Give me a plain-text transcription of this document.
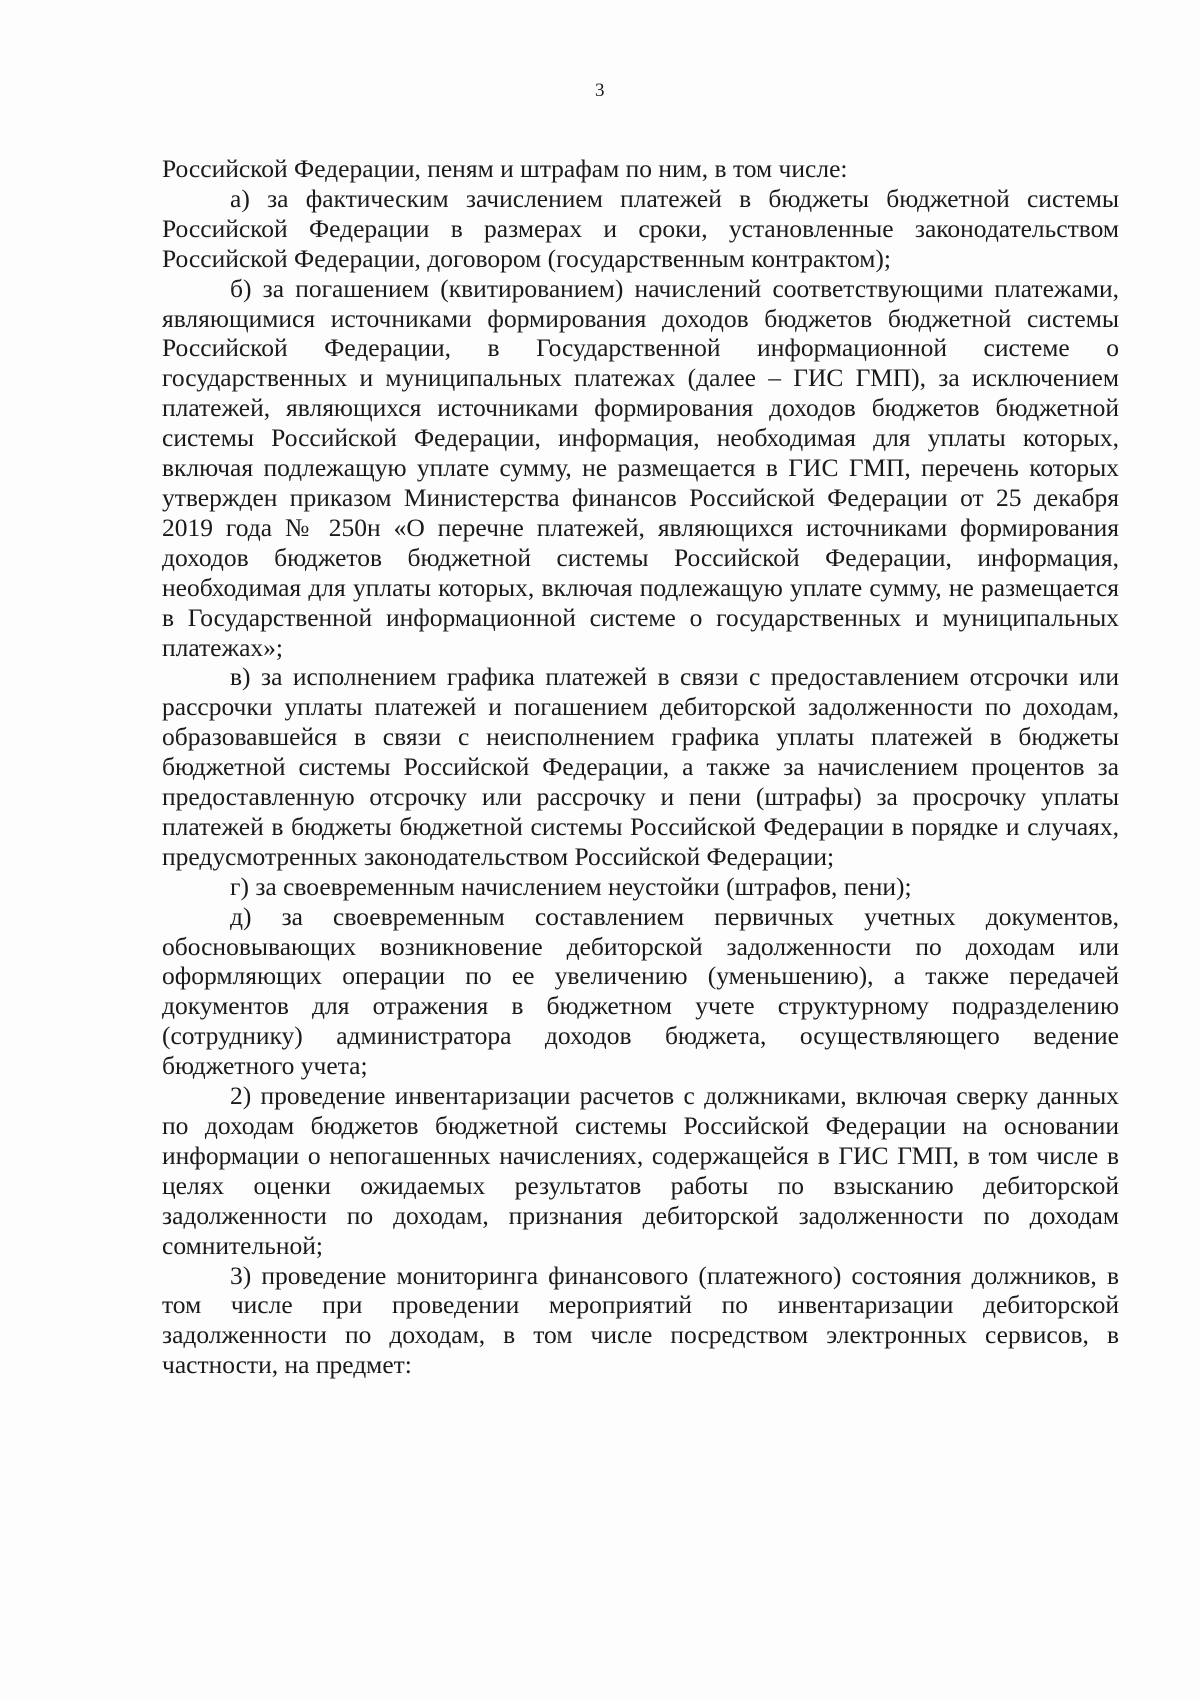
3

Российской Федерации, пеням и штрафам по ним, в том числе:

а) за фактическим зачислением платежей в бюджеты бюджетной системы Российской Федерации в размерах и сроки, установленные законодательством Российской Федерации, договором (государственным контрактом);

б) за погашением (квитированием) начислений соответствующими платежами, являющимися источниками формирования доходов бюджетов бюджетной системы Российской Федерации, в Государственной информационной системе о государственных и муниципальных платежах (далее – ГИС ГМП), за исключением платежей, являющихся источниками формирования доходов бюджетов бюджетной системы Российской Федерации, информация, необходимая для уплаты которых, включая подлежащую уплате сумму, не размещается в ГИС ГМП, перечень которых утвержден приказом Министерства финансов Российской Федерации от 25 декабря 2019 года № 250н «О перечне платежей, являющихся источниками формирования доходов бюджетов бюджетной системы Российской Федерации, информация, необходимая для уплаты которых, включая подлежащую уплате сумму, не размещается в Государственной информационной системе о государственных и муниципальных платежах»;

в) за исполнением графика платежей в связи с предоставлением отсрочки или рассрочки уплаты платежей и погашением дебиторской задолженности по доходам, образовавшейся в связи с неисполнением графика уплаты платежей в бюджеты бюджетной системы Российской Федерации, а также за начислением процентов за предоставленную отсрочку или рассрочку и пени (штрафы) за просрочку уплаты платежей в бюджеты бюджетной системы Российской Федерации в порядке и случаях, предусмотренных законодательством Российской Федерации;

г) за своевременным начислением неустойки (штрафов, пени);

д) за своевременным составлением первичных учетных документов, обосновывающих возникновение дебиторской задолженности по доходам или оформляющих операции по ее увеличению (уменьшению), а также передачей документов для отражения в бюджетном учете структурному подразделению (сотруднику) администратора доходов бюджета, осуществляющего ведение бюджетного учета;

2) проведение инвентаризации расчетов с должниками, включая сверку данных по доходам бюджетов бюджетной системы Российской Федерации на основании информации о непогашенных начислениях, содержащейся в ГИС ГМП, в том числе в целях оценки ожидаемых результатов работы по взысканию дебиторской задолженности по доходам, признания дебиторской задолженности по доходам сомнительной;

3) проведение мониторинга финансового (платежного) состояния должников, в том числе при проведении мероприятий по инвентаризации дебиторской задолженности по доходам, в том числе посредством электронных сервисов, в частности, на предмет:
